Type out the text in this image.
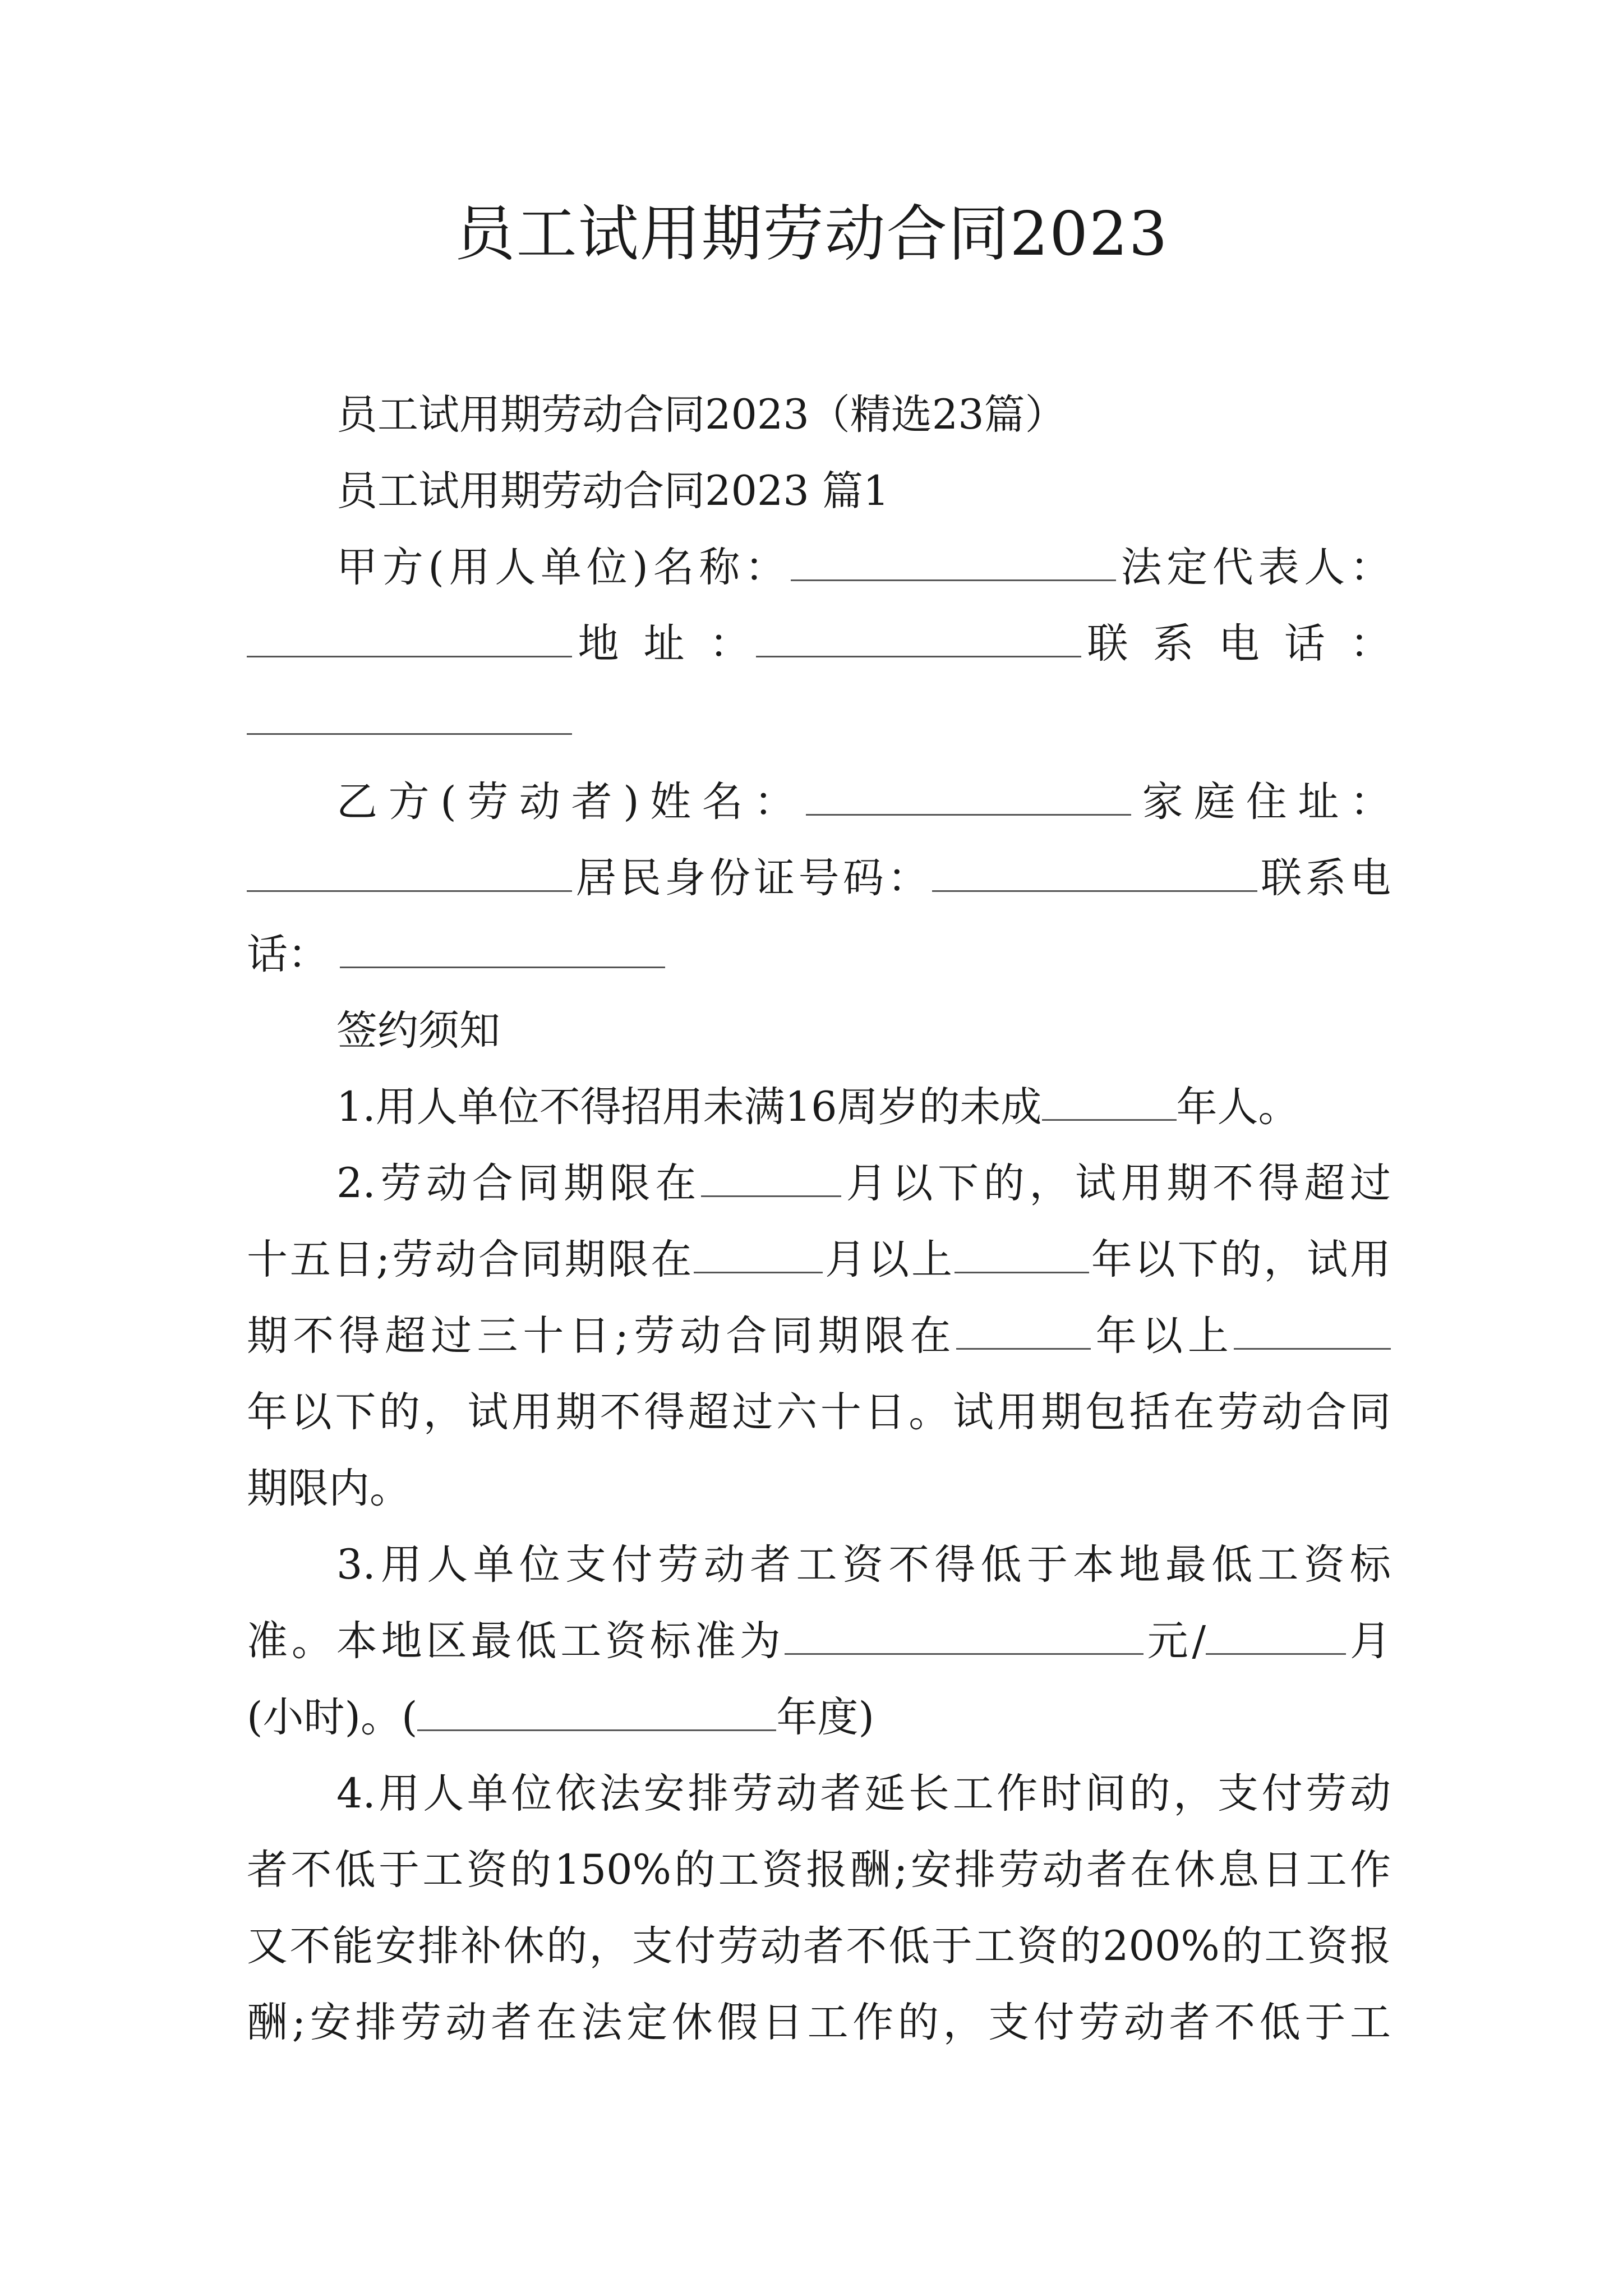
员工试用期劳动合同2023
员工试用期劳动合同2023（精选23篇）
员工试用期劳动合同2023 篇1
甲方(用人单位)名称：	法定代表人：
地 址 ：	联 系 电 话 ：
乙方(劳动者)姓名：	家庭住址：
居民身份证号码：	联系电
话：
签约须知
1.用人单位不得招用未满16周岁的未成	年人。
2.劳动合同期限在	月以下的，试用期不得超过
十五日;劳动合同期限在	月以上	年以下的，试用
期不得超过三十日;劳动合同期限在	年以上
年以下的，试用期不得超过六十日。试用期包括在劳动合同
期限内。
3.用人单位支付劳动者工资不得低于本地最低工资标
准。本地区最低工资标准为	元/	月
(小时)。(	年度)
4.用人单位依法安排劳动者延长工作时间的，支付劳动
者不低于工资的150%的工资报酬;安排劳动者在休息日工作
又不能安排补休的，支付劳动者不低于工资的200%的工资报
酬;安排劳动者在法定休假日工作的，支付劳动者不低于工
